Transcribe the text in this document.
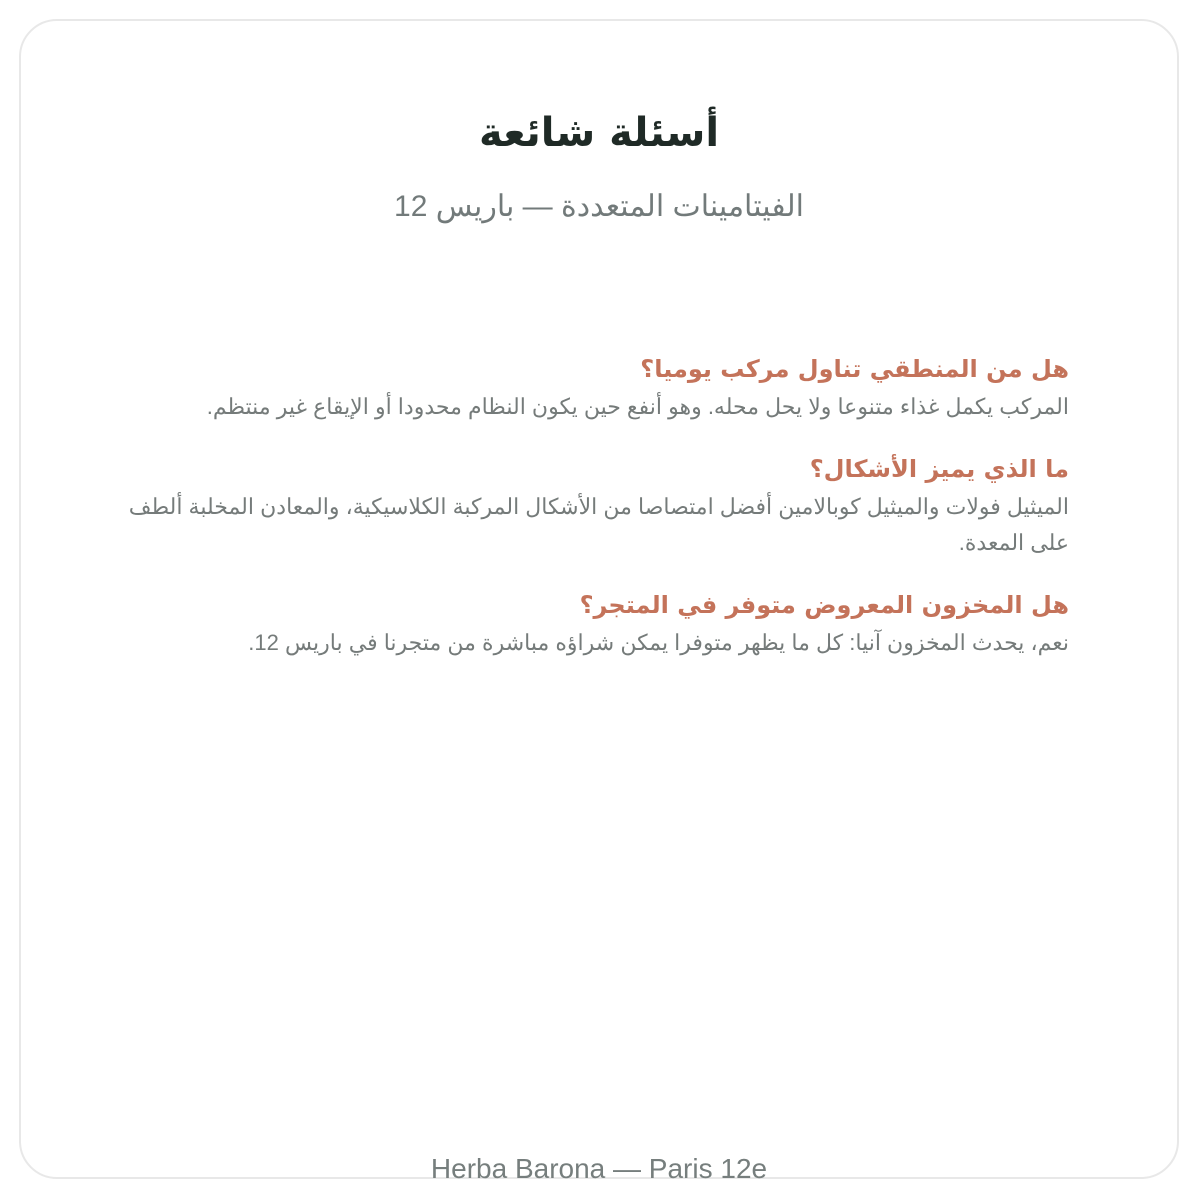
أسئلة شائعة

الفيتامينات المتعددة — باريس 12

هل من المنطقي تناول مركب يوميا؟

المركب يكمل غذاء متنوعا ولا يحل محله. وهو أنفع حين يكون النظام محدودا أو الإيقاع غير منتظم.

ما الذي يميز الأشكال؟

الميثيل فولات والميثيل كوبالامين أفضل امتصاصا من الأشكال المركبة الكلاسيكية، والمعادن المخلبة ألطف على المعدة.

هل المخزون المعروض متوفر في المتجر؟

نعم، يحدث المخزون آنيا: كل ما يظهر متوفرا يمكن شراؤه مباشرة من متجرنا في باريس 12.

Herba Barona — Paris 12e
